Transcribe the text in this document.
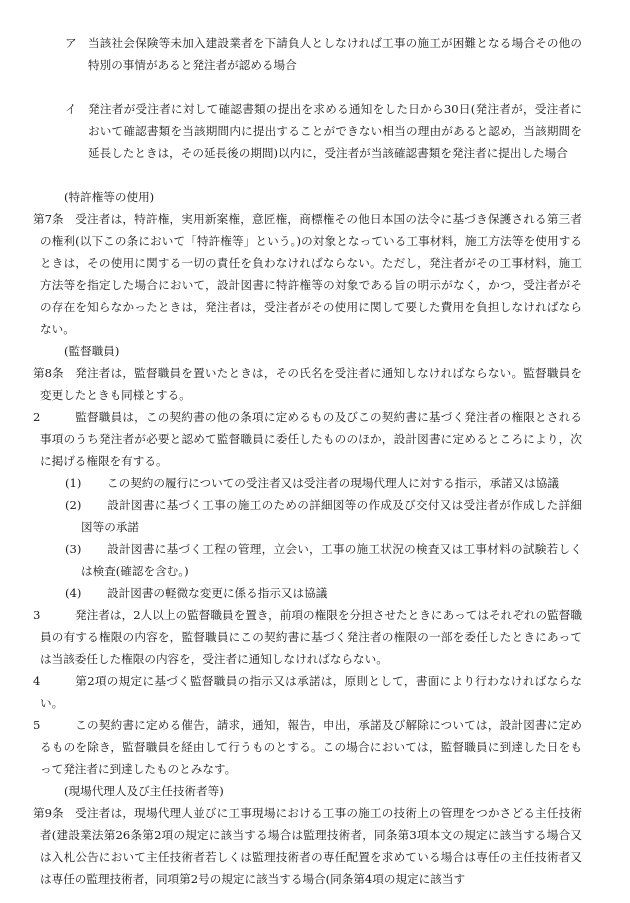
ア 当該社会保険等未加入建設業者を下請負人としなければ工事の施工が困難となる場合その他の特別の事情があると発注者が認める場合

イ 発注者が受注者に対して確認書類の提出を求める通知をした日から30日(発注者が，受注者において確認書類を当該期間内に提出することができない相当の理由があると認め，当該期間を延長したときは，その延長後の期間)以内に，受注者が当該確認書類を発注者に提出した場合

(特許権等の使用)

第7条 受注者は，特許権，実用新案権，意匠権，商標権その他日本国の法令に基づき保護される第三者の権利(以下この条において「特許権等」という。)の対象となっている工事材料，施工方法等を使用するときは，その使用に関する一切の責任を負わなければならない。ただし，発注者がその工事材料，施工方法等を指定した場合において，設計図書に特許権等の対象である旨の明示がなく，かつ，受注者がその存在を知らなかったときは，発注者は，受注者がその使用に関して要した費用を負担しなければならない。

(監督職員)

第8条 発注者は，監督職員を置いたときは，その氏名を受注者に通知しなければならない。監督職員を変更したときも同様とする。

2	監督職員は，この契約書の他の条項に定めるもの及びこの契約書に基づく発注者の権限とされる事項のうち発注者が必要と認めて監督職員に委任したもののほか，設計図書に定めるところにより，次に掲げる権限を有する。

(1) この契約の履行についての受注者又は受注者の現場代理人に対する指示，承諾又は協議

(2) 設計図書に基づく工事の施工のための詳細図等の作成及び交付又は受注者が作成した詳細図等の承諾

(3) 設計図書に基づく工程の管理，立会い，工事の施工状況の検査又は工事材料の試験若しくは検査(確認を含む。)

(4) 設計図書の軽微な変更に係る指示又は協議

3	発注者は，2人以上の監督職員を置き，前項の権限を分担させたときにあってはそれぞれの監督職員の有する権限の内容を，監督職員にこの契約書に基づく発注者の権限の一部を委任したときにあっては当該委任した権限の内容を，受注者に通知しなければならない。

4	第2項の規定に基づく監督職員の指示又は承諾は，原則として，書面により行わなければならない。

5	この契約書に定める催告，請求，通知，報告，申出，承諾及び解除については，設計図書に定めるものを除き，監督職員を経由して行うものとする。この場合においては，監督職員に到達した日をもって発注者に到達したものとみなす。

(現場代理人及び主任技術者等)

第9条 受注者は，現場代理人並びに工事現場における工事の施工の技術上の管理をつかさどる主任技術者(建設業法第26条第2項の規定に該当する場合は監理技術者，同条第3項本文の規定に該当する場合又は入札公告において主任技術者若しくは監理技術者の専任配置を求めている場合は専任の主任技術者又は専任の監理技術者，同項第2号の規定に該当する場合(同条第4項の規定に該当す
